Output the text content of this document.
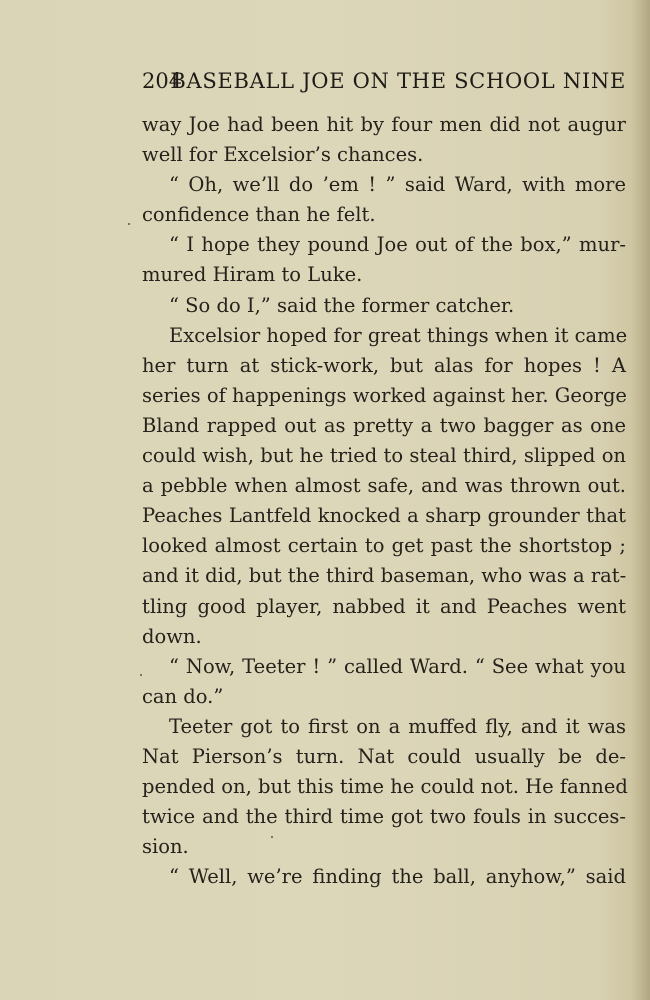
204
BASEBALL JOE ON THE SCHOOL NINE
way Joe had been hit by four men did not augur
well for Excelsior’s chances.
“ Oh, we’ll do ’em ! ” said Ward, with more
confidence than he felt.
“ I hope they pound Joe out of the box,” mur-
mured Hiram to Luke.
“ So do I,” said the former catcher.
Excelsior hoped for great things when it came
her turn at stick-work, but alas for hopes ! A
series of happenings worked against her. George
Bland rapped out as pretty a two bagger as one
could wish, but he tried to steal third, slipped on
a pebble when almost safe, and was thrown out.
Peaches Lantfeld knocked a sharp grounder that
looked almost certain to get past the shortstop ;
and it did, but the third baseman, who was a rat-
tling good player, nabbed it and Peaches went
down.
“ Now, Teeter ! ” called Ward. “ See what you
can do.”
Teeter got to first on a muffed fly, and it was
Nat Pierson’s turn. Nat could usually be de-
pended on, but this time he could not. He fanned
twice and the third time got two fouls in succes-
sion.
“ Well, we’re finding the ball, anyhow,” said
